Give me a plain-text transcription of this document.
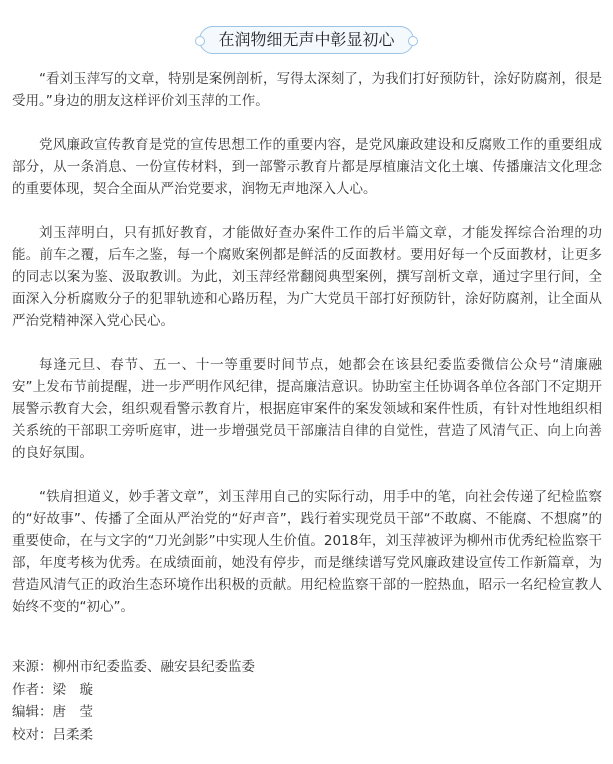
在润物细无声中彰显初心

“看刘玉萍写的文章，特别是案例剖析，写得太深刻了，为我们打好预防针，涂好防腐剂，很是受用。”身边的朋友这样评价刘玉萍的工作。

党风廉政宣传教育是党的宣传思想工作的重要内容，是党风廉政建设和反腐败工作的重要组成部分，从一条消息、一份宣传材料，到一部警示教育片都是厚植廉洁文化土壤、传播廉洁文化理念的重要体现，契合全面从严治党要求，润物无声地深入人心。

刘玉萍明白，只有抓好教育，才能做好查办案件工作的后半篇文章，才能发挥综合治理的功能。前车之覆，后车之鉴，每一个腐败案例都是鲜活的反面教材。要用好每一个反面教材，让更多的同志以案为鉴、汲取教训。为此，刘玉萍经常翻阅典型案例，撰写剖析文章，通过字里行间，全面深入分析腐败分子的犯罪轨迹和心路历程，为广大党员干部打好预防针，涂好防腐剂，让全面从严治党精神深入党心民心。

每逢元旦、春节、五一、十一等重要时间节点，她都会在该县纪委监委微信公众号“清廉融安”上发布节前提醒，进一步严明作风纪律，提高廉洁意识。协助室主任协调各单位各部门不定期开展警示教育大会，组织观看警示教育片，根据庭审案件的案发领域和案件性质，有针对性地组织相关系统的干部职工旁听庭审，进一步增强党员干部廉洁自律的自觉性，营造了风清气正、向上向善的良好氛围。

“铁肩担道义，妙手著文章”，刘玉萍用自己的实际行动，用手中的笔，向社会传递了纪检监察的“好故事”、传播了全面从严治党的“好声音”，践行着实现党员干部“不敢腐、不能腐、不想腐”的重要使命，在与文字的“刀光剑影”中实现人生价值。2018年，刘玉萍被评为柳州市优秀纪检监察干部，年度考核为优秀。在成绩面前，她没有停步，而是继续谱写党风廉政建设宣传工作新篇章，为营造风清气正的政治生态环境作出积极的贡献。用纪检监察干部的一腔热血，昭示一名纪检宣教人始终不变的“初心”。

来源：柳州市纪委监委、融安县纪委监委
作者：梁　璇
编辑：唐　莹
校对：吕柔柔
